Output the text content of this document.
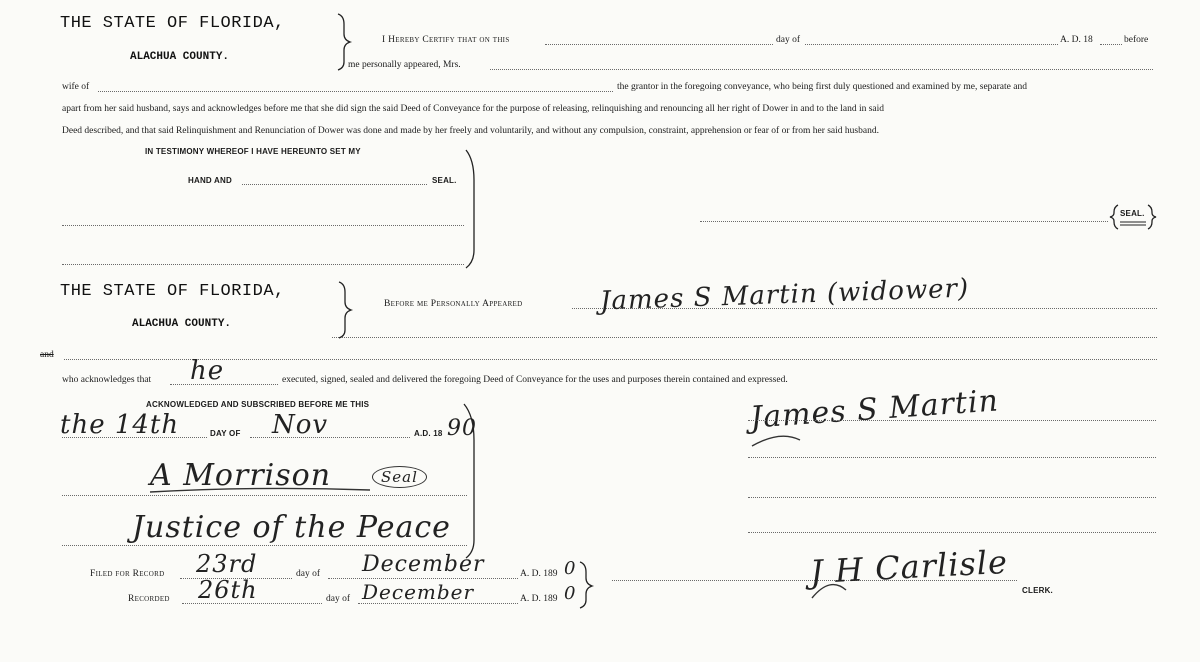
THE STATE OF FLORIDA,
ALACHUA COUNTY.
I Hereby Certify that on this	day of	A. D. 18	before
me personally appeared, Mrs.
wife of	the grantor in the foregoing conveyance, who being first duly questioned and examined by me, separate and
apart from her said husband, says and acknowledges before me that she did sign the said Deed of Conveyance for the purpose of releasing, relinquishing and renouncing all her right of Dower in and to the land in said
Deed described, and that said Relinquishment and Renunciation of Dower was done and made by her freely and voluntarily, and without any compulsion, constraint, apprehension or fear of or from her said husband.
IN TESTIMONY WHEREOF I HAVE HEREUNTO SET MY
HAND AND	SEAL.
SEAL.
THE STATE OF FLORIDA,
ALACHUA COUNTY.
Before me Personally Appeared	James S Martin (widower)
and
who acknowledges that he	executed, signed, sealed and delivered the foregoing Deed of Conveyance for the uses and purposes therein contained and expressed.
ACKNOWLEDGED AND SUBSCRIBED BEFORE ME THIS
the 14th	DAY OF Nov	A.D. 18 90
A Morrison	Seal
Justice of the Peace
James S Martin
Filed for Record 23rd	day of December	A. D. 189 0
Recorded 26th	day of December	A. D. 189 0
J H Carlisle CLERK.
